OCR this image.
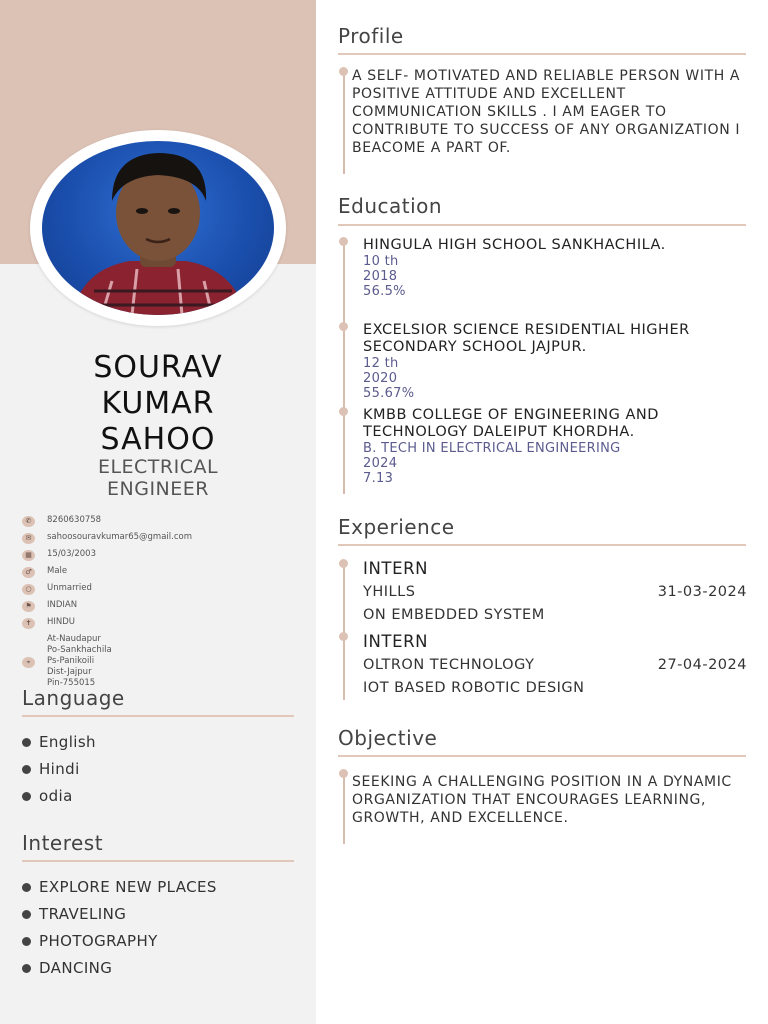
SOURAV
KUMAR
SAHOO
ELECTRICAL
ENGINEER
✆	8260630758
✉	sahoosouravkumar65@gmail.com
▦	15/03/2003
♂	Male
○	Unmarried
⚑	INDIAN
✝	HINDU
⌖
At-Naudapur
Po-Sankhachila
Ps-Panikoili
Dist-Jajpur
Pin-755015
Language
English
Hindi
odia
Interest
EXPLORE NEW PLACES
TRAVELING
PHOTOGRAPHY
DANCING
Profile
A SELF- MOTIVATED AND RELIABLE PERSON WITH A POSITIVE ATTITUDE AND EXCELLENT COMMUNICATION SKILLS . I AM EAGER TO CONTRIBUTE TO SUCCESS OF ANY ORGANIZATION I BEACOME A PART OF.
Education
HINGULA HIGH SCHOOL SANKHACHILA.
10 th
2018
56.5%
EXCELSIOR SCIENCE RESIDENTIAL HIGHER SECONDARY SCHOOL JAJPUR.
12 th
2020
55.67%
KMBB COLLEGE OF ENGINEERING AND TECHNOLOGY DALEIPUT KHORDHA.
B. TECH IN ELECTRICAL ENGINEERING
2024
7.13
Experience
INTERN
YHILLS	31-03-2024
ON EMBEDDED SYSTEM
INTERN
OLTRON TECHNOLOGY	27-04-2024
IOT BASED ROBOTIC DESIGN
Objective
SEEKING A CHALLENGING POSITION IN A DYNAMIC ORGANIZATION THAT ENCOURAGES LEARNING, GROWTH, AND EXCELLENCE.
